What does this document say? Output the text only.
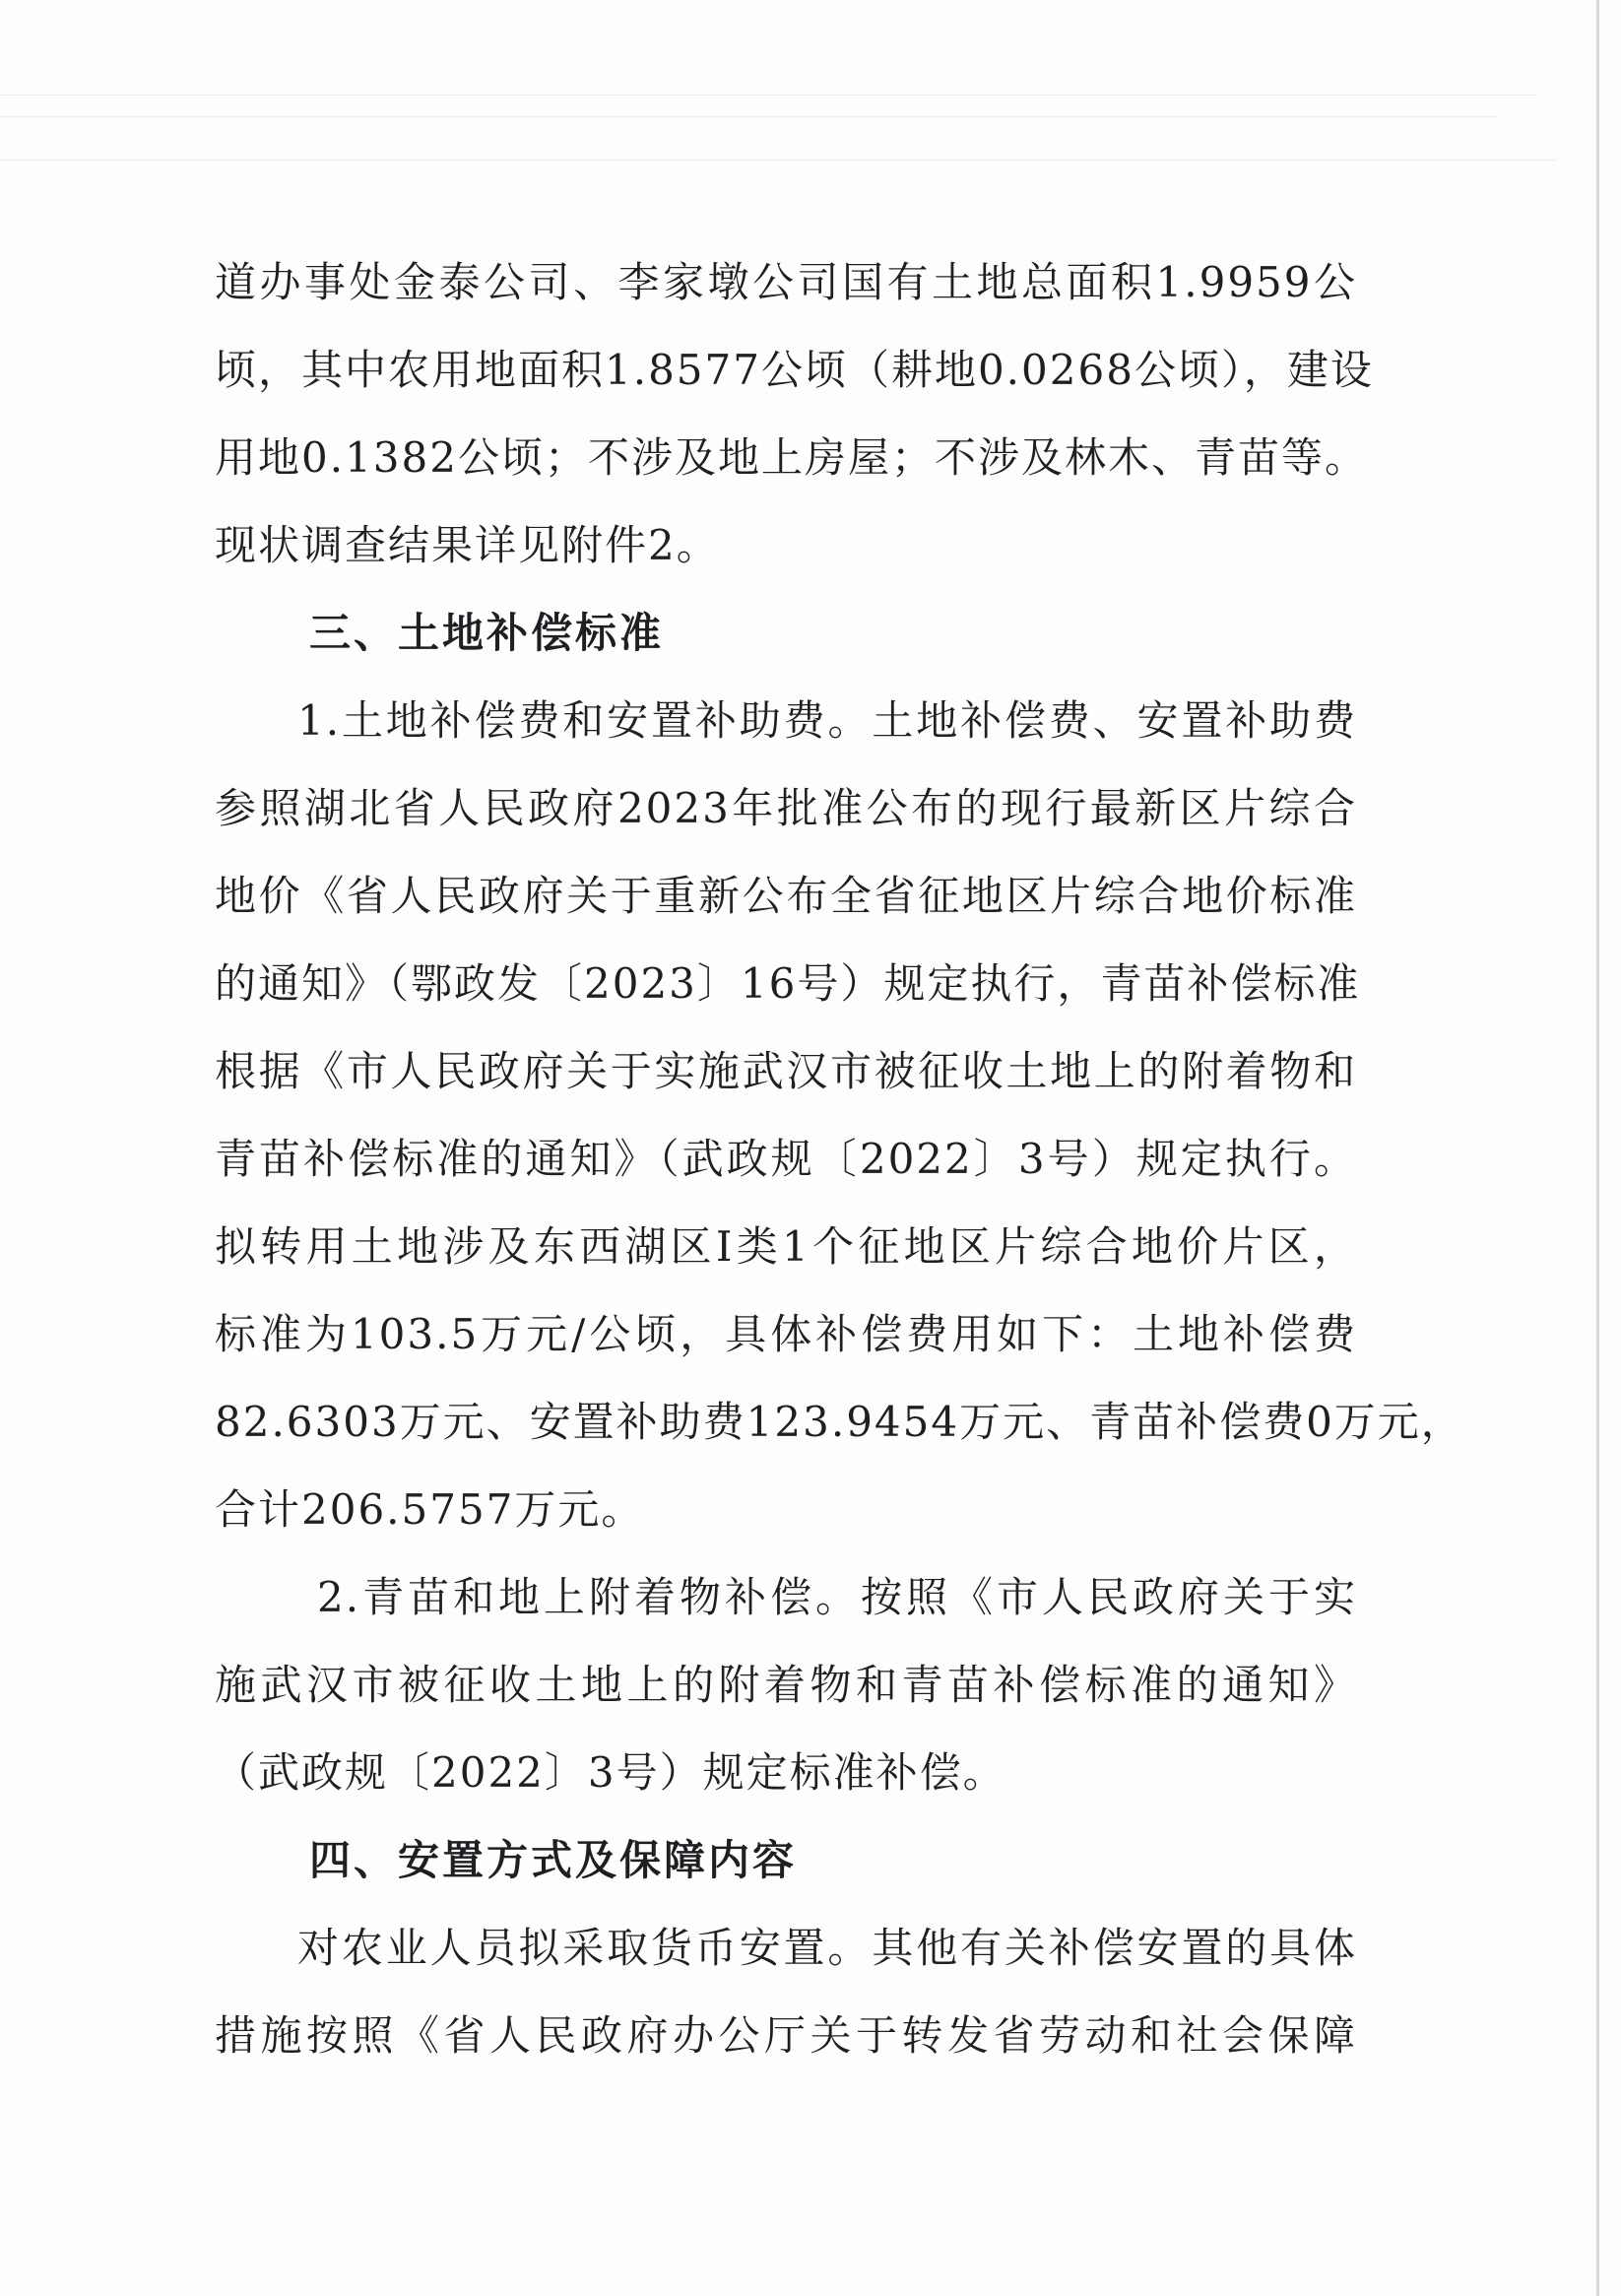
道办事处金泰公司、李家墩公司国有土地总面积1.9959公
顷，其中农用地面积1.8577公顷（耕地0.0268公顷），建设
用地0.1382公顷；不涉及地上房屋；不涉及林木、青苗等。
现状调查结果详见附件2。
三、土地补偿标准
1.土地补偿费和安置补助费。土地补偿费、安置补助费
参照湖北省人民政府2023年批准公布的现行最新区片综合
地价《省人民政府关于重新公布全省征地区片综合地价标准
的通知》（鄂政发〔2023〕16号）规定执行，青苗补偿标准
根据《市人民政府关于实施武汉市被征收土地上的附着物和
青苗补偿标准的通知》（武政规〔2022〕3号）规定执行。
拟转用土地涉及东西湖区Ⅰ类1个征地区片综合地价片区，
标准为103.5万元/公顷，具体补偿费用如下：土地补偿费
82.6303万元、安置补助费123.9454万元、青苗补偿费0万元，
合计206.5757万元。
2.青苗和地上附着物补偿。按照《市人民政府关于实
施武汉市被征收土地上的附着物和青苗补偿标准的通知》
（武政规〔2022〕3号）规定标准补偿。
四、安置方式及保障内容
对农业人员拟采取货币安置。其他有关补偿安置的具体
措施按照《省人民政府办公厅关于转发省劳动和社会保障
